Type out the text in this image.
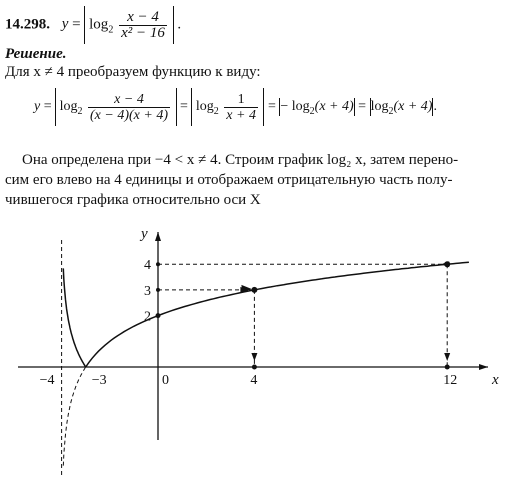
14.298. $y = \log_2 \frac{x - 4}{\text{x² − 16}}$ .
Решение.
Для x ≠ 4 преобразуем функцию к виду:
$y = \log_2 \frac{x - 4}{(x - 4)(x + 4)} = \log_2 \frac{1}{x + 4}$ = − $\log_2(x + 4) = \log_2(x + 4)$.
Она определена при −4 < x ≠ 4. Строим график log₂ x, затем перено-
сим его влево на 4 единицы и отображаем отрицательную часть полу-
чившегося графика относительно оси X
x
y
−4	−3	0	4	12
4
3
2
